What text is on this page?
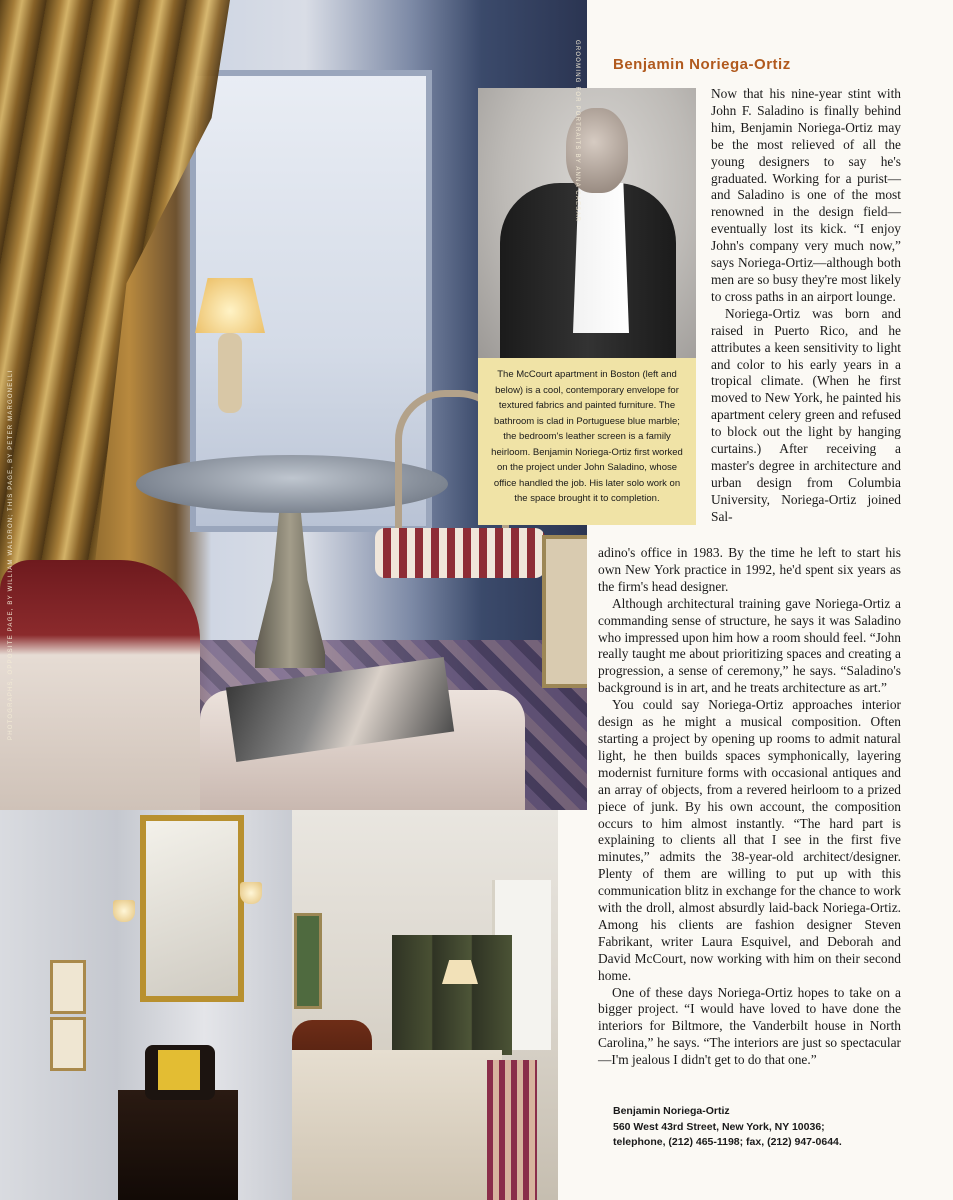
The McCourt apartment in Boston (left and below) is a cool, contemporary envelope for textured fabrics and painted furniture. The bathroom is clad in Portuguese blue marble; the bedroom's leather screen is a family heirloom. Benjamin Noriega-Ortiz first worked on the project under John Saladino, whose office handled the job. His later solo work on the space brought it to completion.
PHOTOGRAPHS, OPPOSITE PAGE, BY WILLIAM WALDRON; THIS PAGE, BY PETER MARGONELLI
GROOMING FOR PORTRAITS BY ANNA CAESAR Benjamin Noriega-Ortiz

Now that his nine-year stint with John F. Saladino is finally behind him, Benjamin Noriega-Ortiz may be the most relieved of all the young designers to say he's graduated. Working for a purist—and Saladino is one of the most renowned in the design field—eventually lost its kick. “I enjoy John's company very much now,” says Noriega-Ortiz—although both men are so busy they're most likely to cross paths in an airport lounge.

Noriega-Ortiz was born and raised in Puerto Rico, and he attributes a keen sensitivity to light and color to his early years in a tropical climate. (When he first moved to New York, he painted his apartment celery green and refused to block out the light by hanging curtains.) After receiving a master's degree in architecture and urban design from Columbia University, Noriega-Ortiz joined Sal-

adino's office in 1983. By the time he left to start his own New York practice in 1992, he'd spent six years as the firm's head designer.

Although architectural training gave Noriega-Ortiz a commanding sense of structure, he says it was Saladino who impressed upon him how a room should feel. “John really taught me about prioritizing spaces and creating a progression, a sense of ceremony,” he says. “Saladino's background is in art, and he treats architecture as art.”

You could say Noriega-Ortiz approaches interior design as he might a musical composition. Often starting a project by opening up rooms to admit natural light, he then builds spaces symphonically, layering modernist furniture forms with occasional antiques and an array of objects, from a revered heirloom to a prized piece of junk. By his own account, the composition occurs to him almost instantly. “The hard part is explaining to clients all that I see in the first five minutes,” admits the 38-year-old architect/designer. Plenty of them are willing to put up with this communication blitz in exchange for the chance to work with the droll, almost absurdly laid-back Noriega-Ortiz. Among his clients are fashion designer Steven Fabrikant, writer Laura Esquivel, and Deborah and David McCourt, now working with him on their second home.

One of these days Noriega-Ortiz hopes to take on a bigger project. “I would have loved to have done the interiors for Biltmore, the Vanderbilt house in North Carolina,” he says. “The interiors are just so spectacular—I'm jealous I didn't get to do that one.”

Benjamin Noriega-Ortiz
560 West 43rd Street, New York, NY 10036;
telephone, (212) 465-1198; fax, (212) 947-0644.
